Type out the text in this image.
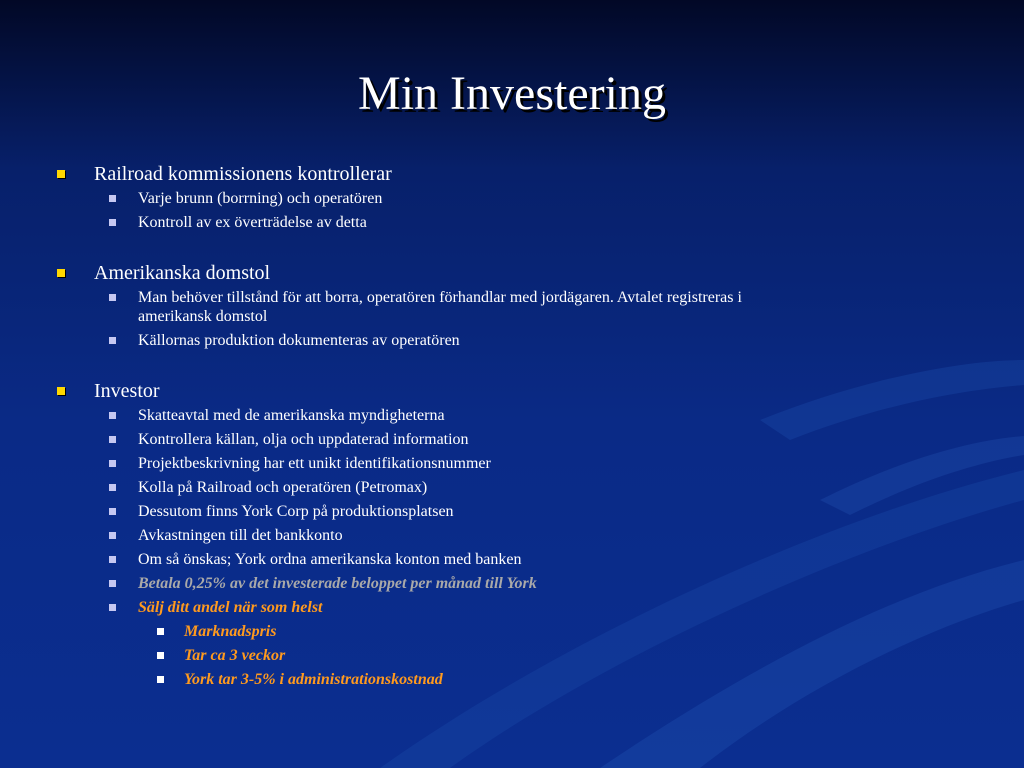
Min Investering
Railroad kommissionens kontrollerar
Varje brunn (borrning) och operatören
Kontroll av ex överträdelse av detta
Amerikanska domstol
Man behöver tillstånd för att borra, operatören förhandlar med jordägaren. Avtalet registreras i
amerikansk domstol
Källornas produktion dokumenteras av operatören
Investor
Skatteavtal med de amerikanska myndigheterna
Kontrollera källan, olja och uppdaterad information
Projektbeskrivning har ett unikt identifikationsnummer
Kolla på Railroad och operatören (Petromax)
Dessutom finns York Corp på produktionsplatsen
Avkastningen till det bankkonto
Om så önskas; York ordna amerikanska konton med banken
Betala 0,25% av det investerade beloppet per månad till York
Sälj ditt andel när som helst
Marknadspris
Tar ca 3 veckor
York tar 3-5% i administrationskostnad
